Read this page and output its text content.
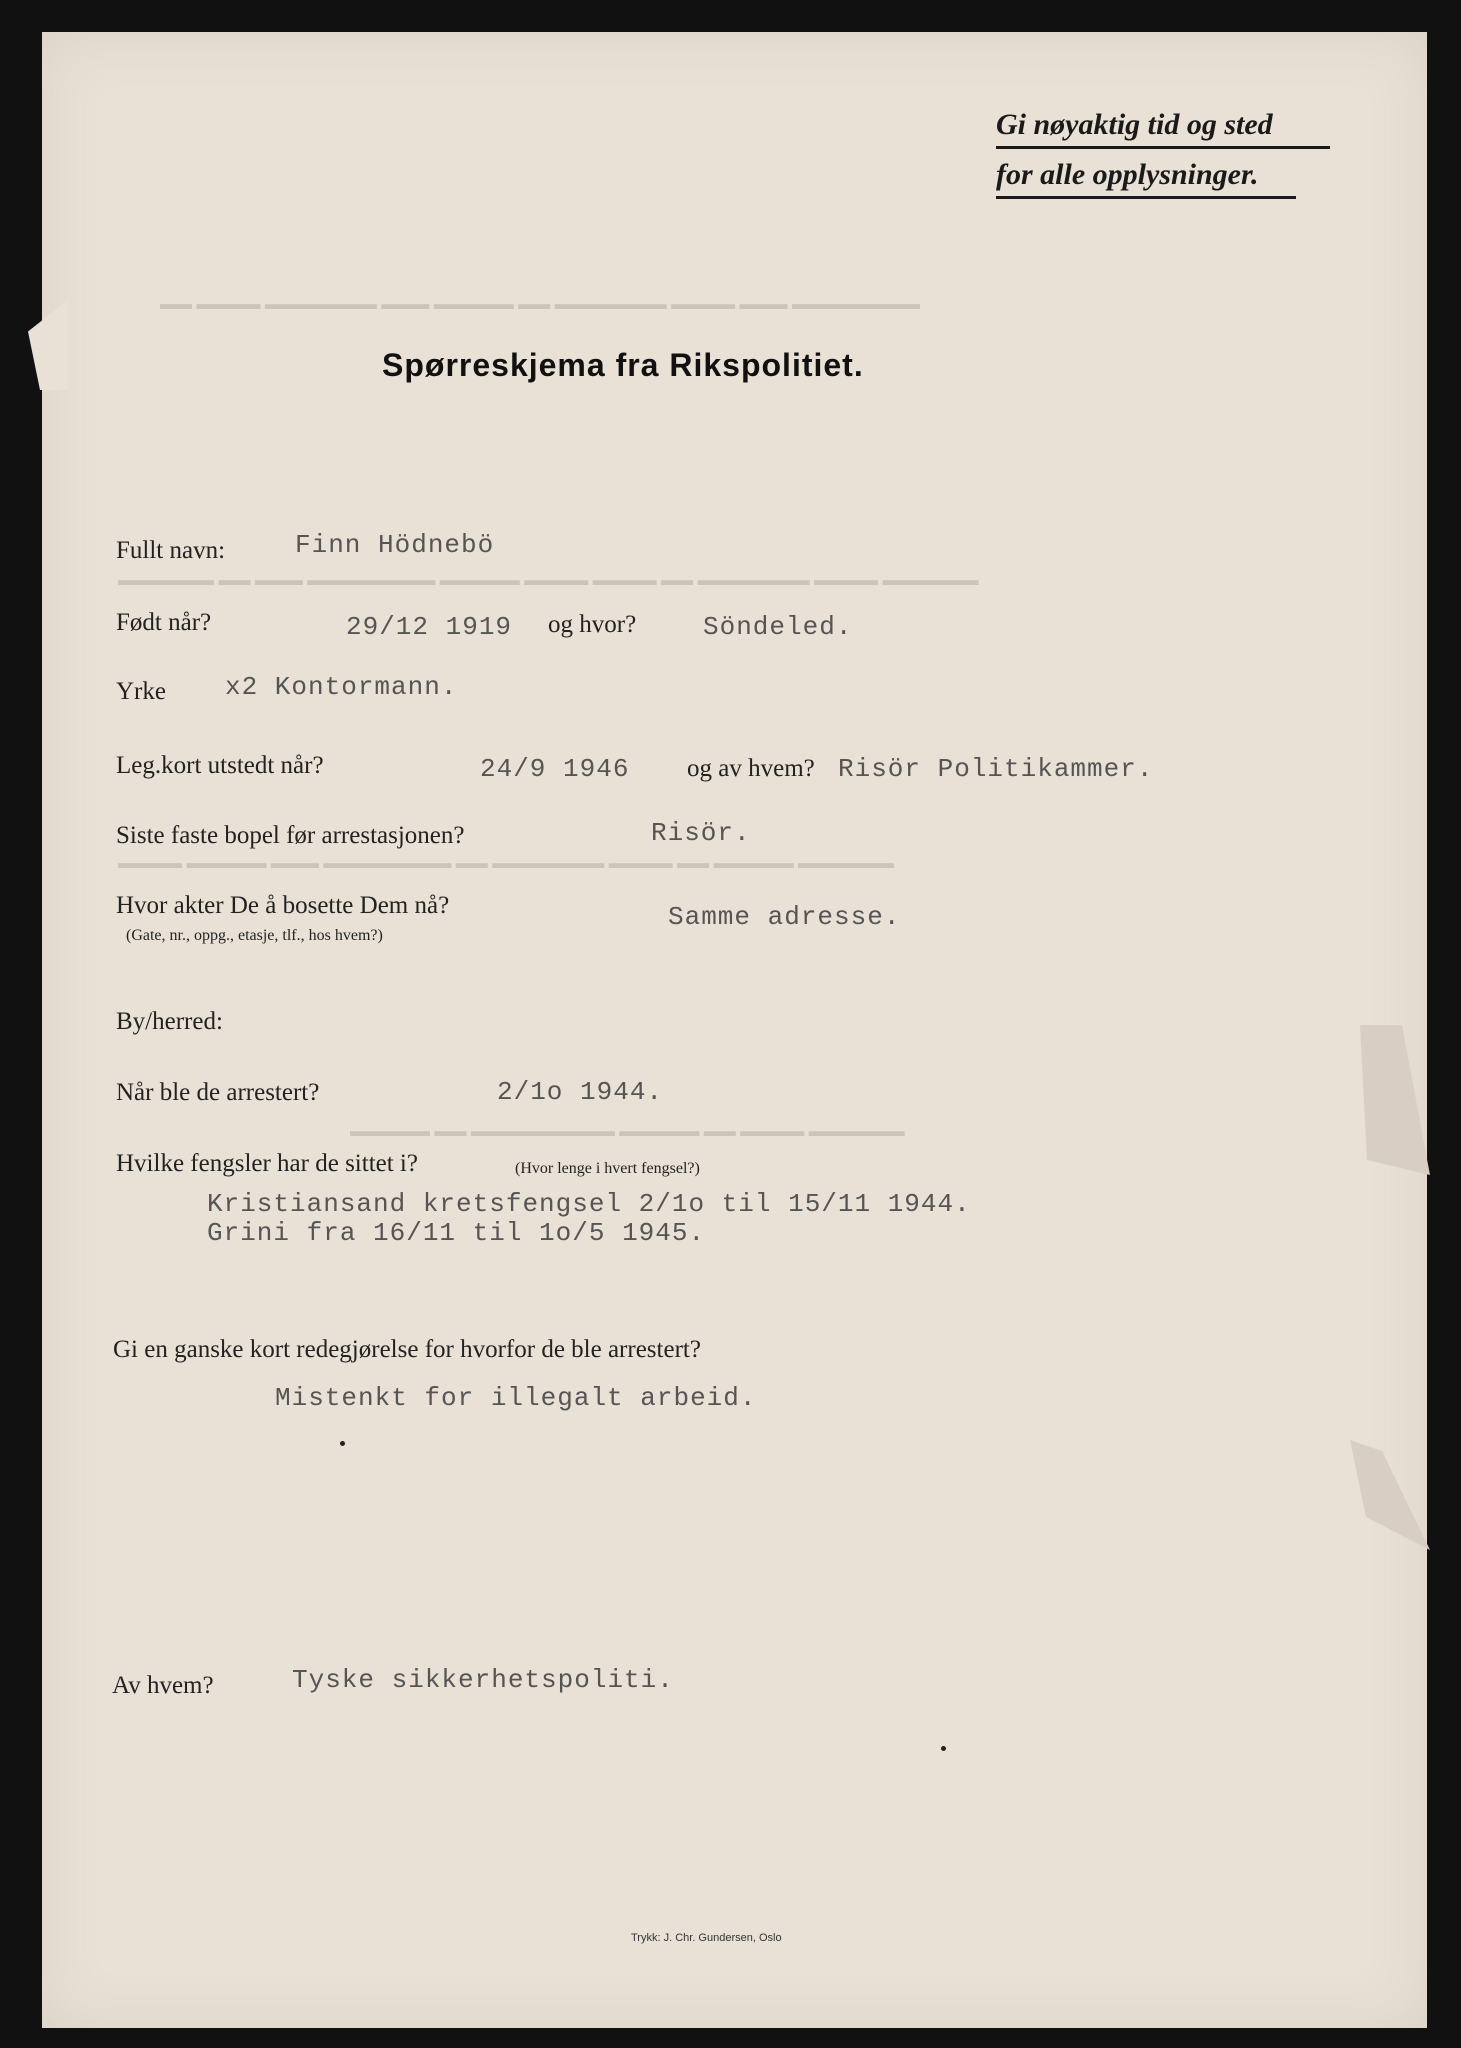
▬▬ ▬▬▬▬ ▬▬▬▬▬▬▬ ▬▬▬ ▬▬▬▬▬ ▬▬ ▬▬▬▬▬▬▬ ▬▬▬▬ ▬▬▬ ▬▬▬▬▬▬▬▬
▬▬▬▬▬▬ ▬▬ ▬▬▬ ▬▬▬▬▬▬▬▬ ▬▬▬▬▬ ▬▬▬▬ ▬▬▬▬ ▬▬ ▬▬▬▬▬▬▬ ▬▬▬▬ ▬▬▬▬▬▬
▬▬▬▬ ▬▬▬▬▬ ▬▬▬ ▬▬▬▬▬▬▬▬ ▬▬ ▬▬▬▬▬▬▬ ▬▬▬▬ ▬▬ ▬▬▬▬▬ ▬▬▬▬▬▬
▬▬▬▬▬ ▬▬ ▬▬▬▬▬▬▬▬▬ ▬▬▬▬▬ ▬▬ ▬▬▬▬ ▬▬▬▬▬▬
Gi nøyaktig tid og sted
for alle opplysninger.
Spørreskjema fra Rikspolitiet.
Fullt navn:	Finn Hödnebö
Født når?	29/12 1919 og hvor?	Söndeled.
Yrke x2 Kontormann.
Leg.kort utstedt når?	24/9 1946 og av hvem? Risör Politikammer.
Siste faste bopel før arrestasjonen?	Risör.
Hvor akter De å bosette Dem nå?
(Gate, nr., oppg., etasje, tlf., hos hvem?)
Samme adresse.
By/herred:
Når ble de arrestert?	2/1o 1944.
Hvilke fengsler har de sittet i?	(Hvor lenge i hvert fengsel?)
Kristiansand kretsfengsel 2/1o til 15/11 1944.
Grini fra 16/11 til 1o/5 1945.
Gi en ganske kort redegjørelse for hvorfor de ble arrestert?
Mistenkt for illegalt arbeid.
Av hvem?	Tyske sikkerhetspoliti.
Trykk: J. Chr. Gundersen, Oslo
